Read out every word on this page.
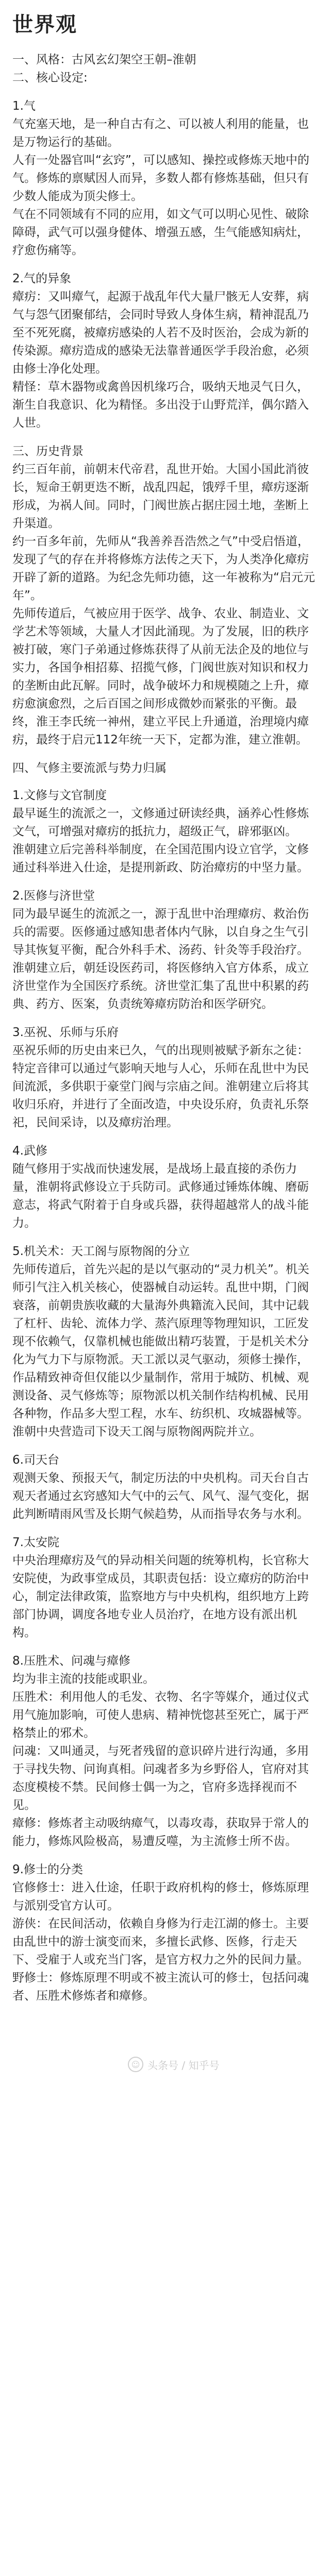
世界观

一、风格：古风玄幻架空王朝–淮朝

二、核心设定:

1.气

气充塞天地，是一种自古有之、可以被人利用的能量，也是万物运行的基础。

人有一处器官叫“玄窍”，可以感知、操控或修炼天地中的气。修炼的禀赋因人而异，多数人都有修炼基础，但只有少数人能成为顶尖修士。

气在不同领域有不同的应用，如文气可以明心见性、破除障碍，武气可以强身健体、增强五感，生气能感知病灶，疗愈伤痛等。

2.气的异象

瘴疠：又叫瘴气，起源于战乱年代大量尸骸无人安葬，病气与怨气团聚郁结，会同时导致人身体生病，精神混乱乃至不死死腐，被瘴疠感染的人若不及时医治，会成为新的传染源。瘴疠造成的感染无法靠普通医学手段治愈，必须由修士净化处理。

精怪：草木器物或禽兽因机缘巧合，吸纳天地灵气日久，渐生自我意识、化为精怪。多出没于山野荒洋，偶尔踏入人世。

三、历史背景

约三百年前，前朝末代帝君，乱世开始。大国小国此消彼长，短命王朝更迭不断，战乱四起，饿殍千里，瘴疠逐渐形成，为祸人间。同时，门阀世族占据庄园土地，垄断上升渠道。

约一百多年前，先师从“我善养吾浩然之气”中受启悟道，发现了气的存在并将修炼方法传之天下，为人类净化瘴疠开辟了新的道路。为纪念先师功德，这一年被称为“启元元年”。

先师传道后，气被应用于医学、战争、农业、制造业、文学艺术等领域，大量人才因此涌现。为了发展，旧的秩序被打破，寒门子弟通过修炼获得了从前无法企及的地位与实力，各国争相招募、招揽气修，门阀世族对知识和权力的垄断由此瓦解。同时，战争破坏力和规模随之上升，瘴疠愈演愈烈，之后百国之间形成微妙而紧张的平衡。最终，淮王李氏统一神州，建立平民上升通道，治理境内瘴疠，最终于启元112年统一天下，定都为淮，建立淮朝。

四、气修主要流派与势力归属

1.文修与文官制度

最早诞生的流派之一，文修通过研读经典，涵养心性修炼文气，可增强对瘴疠的抵抗力，超级正气，辟邪驱凶。

淮朝建立后完善科举制度，在全国范围内设立官学，文修通过科举进入仕途，是提刑新政、防治瘴疠的中坚力量。

2.医修与济世堂

同为最早诞生的流派之一，源于乱世中治理瘴疠、救治伤兵的需要。医修通过感知患者体内气脉，以自身之生气引导其恢复平衡，配合外科手术、汤药、针灸等手段治疗。

淮朝建立后，朝廷设医药司，将医修纳入官方体系，成立济世堂作为全国医疗系统。济世堂汇集了乱世中积累的药典、药方、医案，负责统筹瘴疠防治和医学研究。

3.巫祝、乐师与乐府

巫祝乐师的历史由来已久，气的出现则被赋予新东之徒：特定音律可以通过气影响天地与人心，乐师在乱世中为民间流派，多供职于豪堂门阀与宗庙之间。淮朝建立后将其收归乐府，并进行了全面改造，中央设乐府，负责礼乐祭祀，民间采诗，以及瘴疠治理。

4.武修

随气修用于实战而快速发展，是战场上最直接的杀伤力量，淮朝将武修设立于兵防司。武修通过锤炼体魄、磨砺意志，将武气附着于自身或兵器，获得超越常人的战斗能力。

5.机关术：天工阁与原物阁的分立

先师传道后，首先兴起的是以气驱动的“灵力机关”。机关师引气注入机关核心，使器械自动运转。乱世中期，门阀衰落，前朝贵族收藏的大量海外典籍流入民间，其中记载了杠杆、齿轮、流体力学、蒸汽原理等物理知识，工匠发现不依赖气，仅靠机械也能做出精巧装置，于是机关术分化为气力下与原物派。天工派以灵气驱动，须修士操作，作品精致神奇但仅能以少量制作，常用于城防、机械、观测设备、灵气修炼等；原物派以机关制作结构机械、民用各种物，作品多大型工程，水车、纺织机、攻城器械等。淮朝中央营造司下设天工阁与原物阁两院并立。

6.司天台

观测天象、预报天气，制定历法的中央机构。司天台自古观天者通过玄窍感知大气中的云气、风气、湿气变化，据此判断晴雨风雪及长期气候趋势，从而指导农务与水利。

7.太安院

中央治理瘴疠及气的异动相关问题的统筹机构，长官称大安院使，为政事堂成员，其职责包括：设立瘴疠的防治中心，制定法律政策，监察地方与中央机构，组织地方上跨部门协调，调度各地专业人员治疗，在地方设有派出机构。

8.压胜术、问魂与瘴修

均为非主流的技能或职业。

压胜术：利用他人的毛发、衣物、名字等媒介，通过仪式用气施加影响，可使人患病、精神恍惚甚至死亡，属于严格禁止的邪术。

问魂：又叫通灵，与死者残留的意识碎片进行沟通，多用于寻找失物、问询真相。问魂者多为乡野俗人，官府对其态度模棱不禁。民间修士偶一为之，官府多选择视而不见。

瘴修：修炼者主动吸纳瘴气，以毒攻毒，获取异于常人的能力，修炼风险极高，易遭反噬，为主流修士所不齿。

9.修士的分类

官修修士：进入仕途，任职于政府机构的修士，修炼原理与派别受官方认可。

游侠：在民间活动，依赖自身修为行走江湖的修士。主要由乱世中的游士演变而来，多擅长武修、医修，行走天下、受雇于人或充当门客，是官方权力之外的民间力量。

野修士：修炼原理不明或不被主流认可的修士，包括问魂者、压胜术修炼者和瘴修。

☺ 头条号 / 知乎号
